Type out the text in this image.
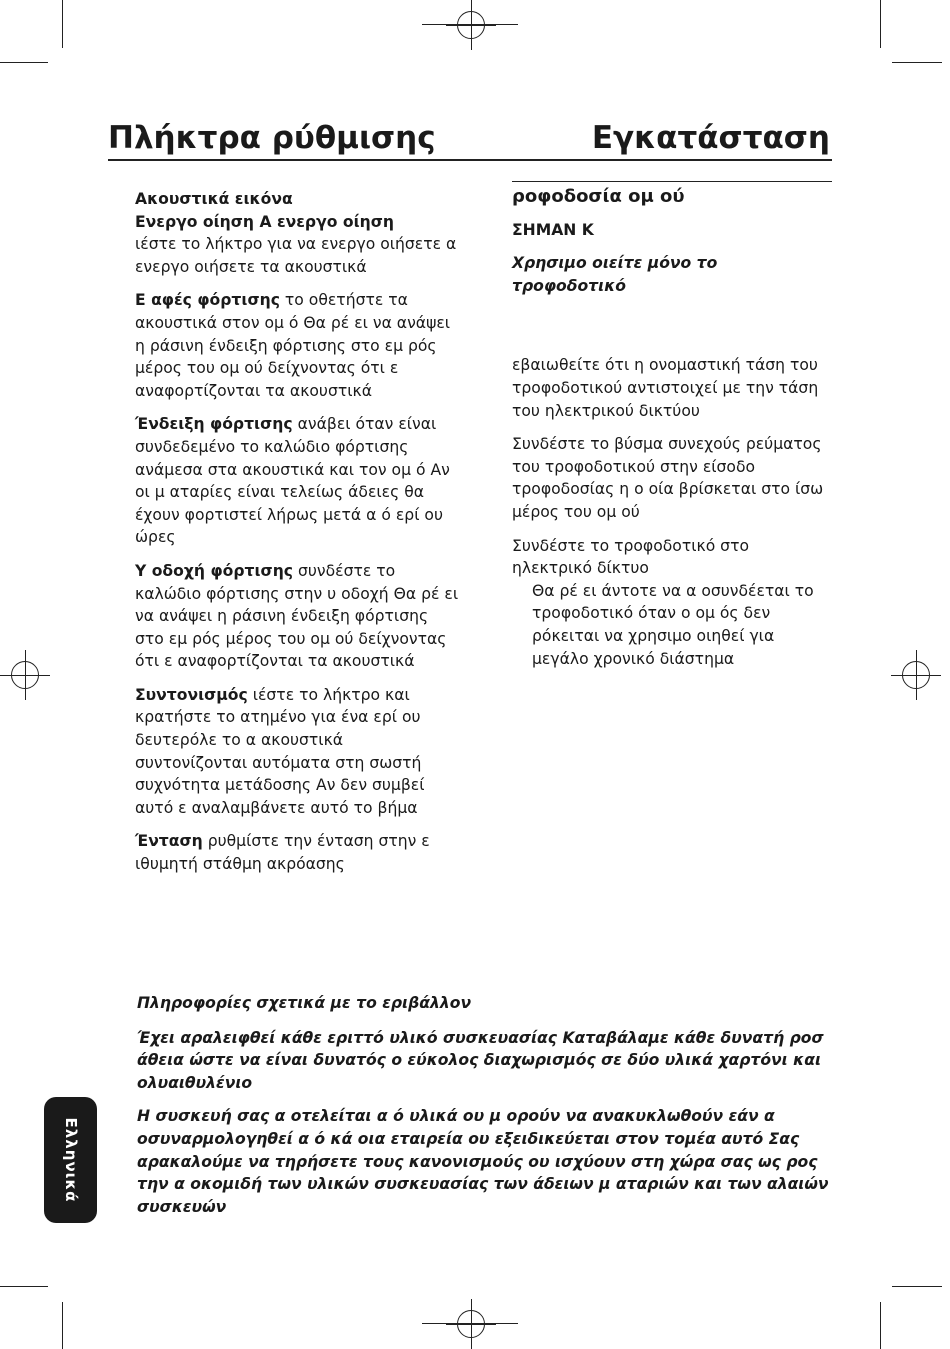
Πλήκτρα ρύθμισης	Εγκατάσταση

Ακουστικά εικόνα

Ενεργο οίηση Α ενεργο οίηση
ιέστε το λήκτρο για να ενεργο οιήσετε α ενεργο οιήσετε τα ακουστικά

Ε αφές φόρτισης το οθετήστε τα ακουστικά στον ομ ό Θα ρέ ει να ανάψει η ράσινη ένδειξη φόρτισης στο εμ ρός μέρος του ομ ού δείχνοντας ότι ε αναφορτίζονται τα ακουστικά

Ένδειξη φόρτισης ανάβει όταν είναι συνδεδεμένο το καλώδιο φόρτισης ανάμεσα στα ακουστικά και τον ομ ό Αν οι μ αταρίες είναι τελείως άδειες θα έχουν φορτιστεί λήρως μετά α ό ερί ου ώρες

Υ οδοχή φόρτισης συνδέστε το καλώδιο φόρτισης στην υ οδοχή Θα ρέ ει να ανάψει η ράσινη ένδειξη φόρτισης στο εμ ρός μέρος του ομ ού δείχνοντας ότι ε αναφορτίζονται τα ακουστικά

Συντονισμός ιέστε το λήκτρο και κρατήστε το ατημένο για ένα ερί ου δευτερόλε το α ακουστικά συντονίζονται αυτόματα στη σωστή συχνότητα μετάδοσης Αν δεν συμβεί αυτό ε αναλαμβάνετε αυτό το βήμα

Ένταση ρυθμίστε την ένταση στην ε ιθυμητή στάθμη ακρόασης

ροφοδοσία ομ ού

ΣΗΜΑΝ Κ

Χρησιμο οιείτε μόνο το τροφοδοτικό

εβαιωθείτε ότι η ονομαστική τάση του τροφοδοτικού αντιστοιχεί με την τάση του ηλεκτρικού δικτύου

Συνδέστε το βύσμα συνεχούς ρεύματος του τροφοδοτικού στην είσοδο τροφοδοσίας η ο οία βρίσκεται στο ίσω μέρος του ομ ού

Συνδέστε το τροφοδοτικό στο ηλεκτρικό δίκτυο

Θα ρέ ει άντοτε να α οσυνδέεται το τροφοδοτικό όταν ο ομ ός δεν ρόκειται να χρησιμο οιηθεί για μεγάλο χρονικό διάστημα

Πληροφορίες σχετικά με το εριβάλλον

Έχει αραλειφθεί κάθε εριττό υλικό συσκευασίας Καταβάλαμε κάθε δυνατή ροσ άθεια ώστε να είναι δυνατός ο εύκολος διαχωρισμός σε δύο υλικά χαρτόνι και ολυαιθυλένιο

Η συσκευή σας α οτελείται α ό υλικά ου μ ορούν να ανακυκλωθούν εάν α οσυναρμολογηθεί α ό κά οια εταιρεία ου εξειδικεύεται στον τομέα αυτό Σας αρακαλούμε να τηρήσετε τους κανονισμούς ου ισχύουν στη χώρα σας ως ρος την α οκομιδή των υλικών συσκευασίας των άδειων μ αταριών και των αλαιών συσκευών

Ελληνικά
